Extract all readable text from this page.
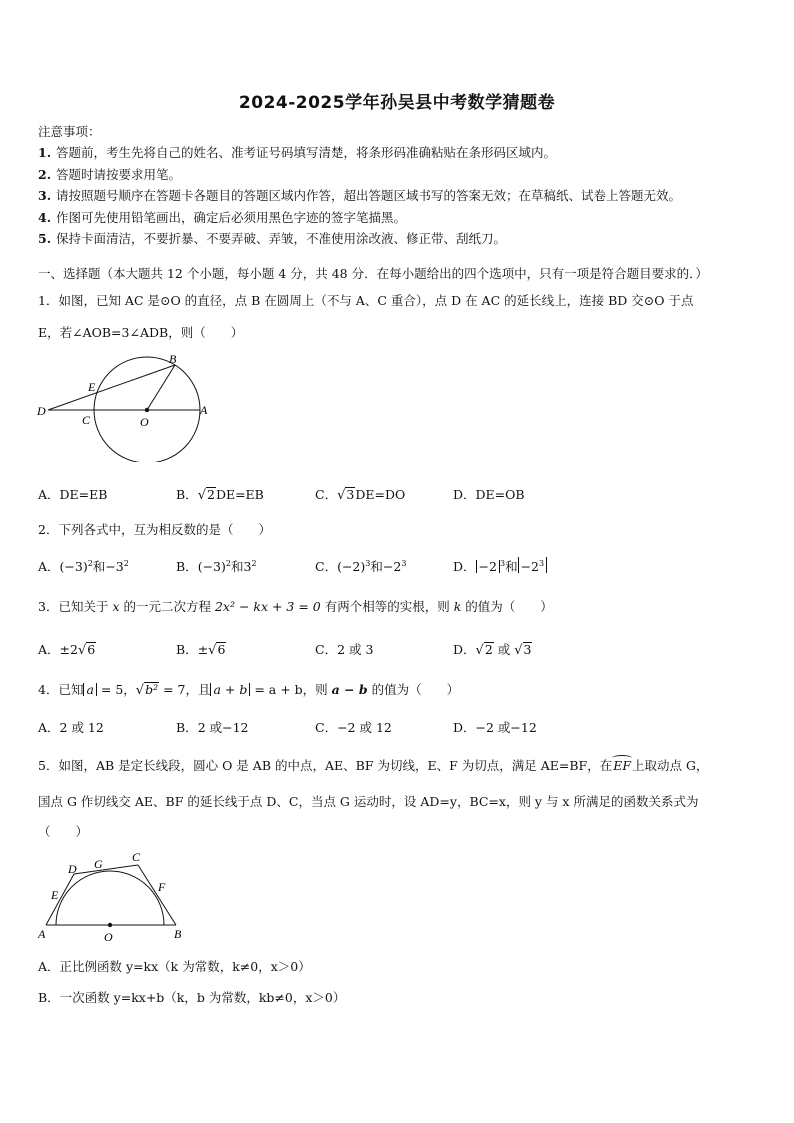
2024-2025学年孙吴县中考数学猜题卷
注意事项：
1. 答题前，考生先将自己的姓名、准考证号码填写清楚，将条形码准确粘贴在条形码区域内。
2. 答题时请按要求用笔。
3. 请按照题号顺序在答题卡各题目的答题区域内作答，超出答题区域书写的答案无效；在草稿纸、试卷上答题无效。
4. 作图可先使用铅笔画出，确定后必须用黑色字迹的签字笔描黑。
5. 保持卡面清洁，不要折暴、不要弄破、弄皱，不准使用涂改液、修正带、刮纸刀。
一、选择题（本大题共 12 个小题，每小题 4 分，共 48 分．在每小题给出的四个选项中，只有一项是符合题目要求的．）
1．如图，已知 AC 是⊙O 的直径，点 B 在圆周上（不与 A、C 重合），点 D 在 AC 的延长线上，连接 BD 交⊙O 于点
E，若∠AOB=3∠ADB，则（　　）
B
E
D
C	O
A
A．DE=EB	B．√2DE=EB	C．√3DE=DO	D．DE=OB
2．下列各式中，互为相反数的是（　　）
A．$(-3)^2$和$-3^2$	B．$(-3)^2$和$3^2$	C．$(-2)^3$和$-2^3$	D． −2 $^3$和 $-2^3$
3．已知关于 x 的一元二次方程 2x² − kx + 3 = 0 有两个相等的实根，则 k 的值为（　　）
A．±2√6	B．±√6	C．2 或 3	D．√2 或 √3
4．已知 a = 5，√b² = 7，且 a + b = a + b，则 a − b 的值为（　　）
A．2 或 12	B．2 或−12	C．−2 或 12	D．−2 或−12
5．如图，AB 是定长线段，圆心 O 是 AB 的中点，AE、BF 为切线，E、F 为切点，满足 AE=BF，在
EF上取动点 G，
国点 G 作切线交 AE、BF 的延长线于点 D、C，当点 G 运动时，设 AD=y，BC=x，则 y 与 x 所满足的函数关系式为
（　　）
D G C
E
F
A	O	B
A．正比例函数 y=kx（k 为常数，k≠0，x＞0）
B．一次函数 y=kx+b（k，b 为常数，kb≠0，x＞0）
